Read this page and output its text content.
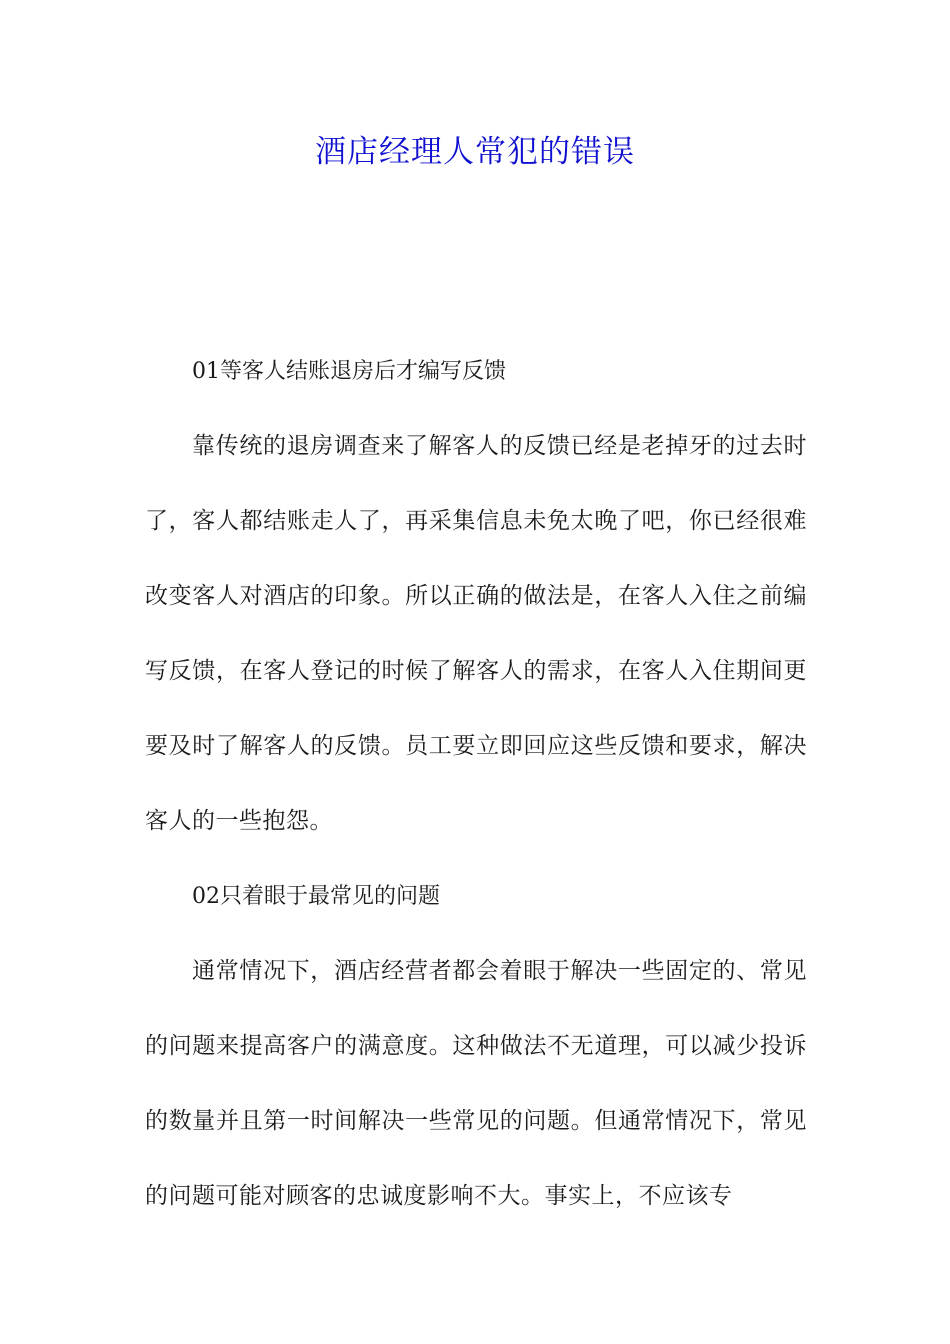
酒店经理人常犯的错误

01等客人结账退房后才编写反馈

靠传统的退房调查来了解客人的反馈已经是老掉牙的过去时了，客人都结账走人了，再采集信息未免太晚了吧，你已经很难改变客人对酒店的印象。所以正确的做法是，在客人入住之前编写反馈，在客人登记的时候了解客人的需求，在客人入住期间更要及时了解客人的反馈。员工要立即回应这些反馈和要求，解决客人的一些抱怨。

02只着眼于最常见的问题

通常情况下，酒店经营者都会着眼于解决一些固定的、常见的问题来提高客户的满意度。这种做法不无道理，可以减少投诉的数量并且第一时间解决一些常见的问题。但通常情况下，常见的问题可能对顾客的忠诚度影响不大。事实上，不应该专
